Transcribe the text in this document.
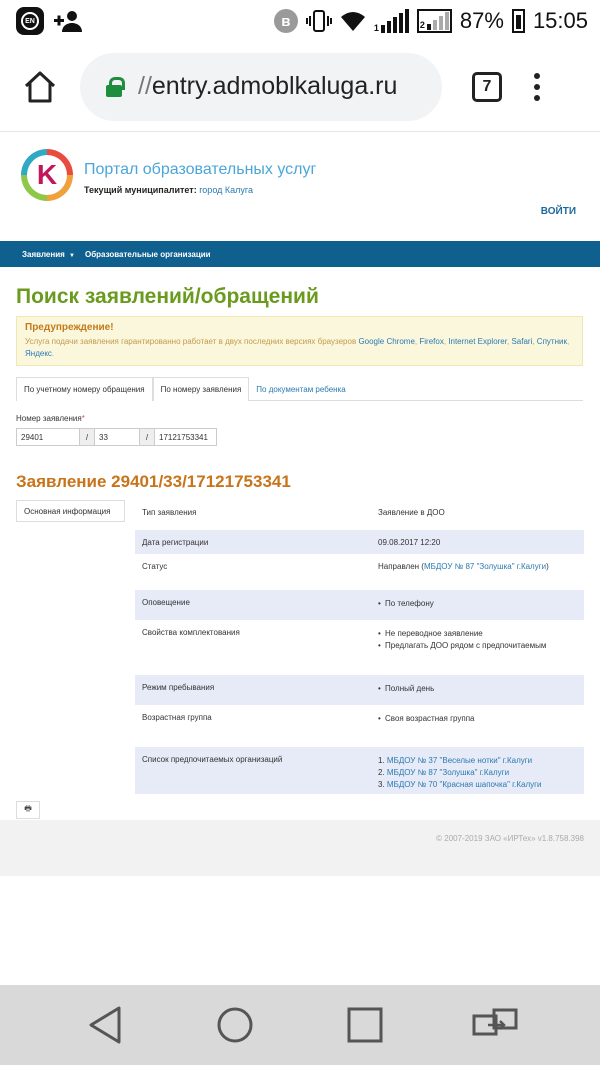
EN	ʙ	1	2 87% 15:05
//entry.admoblkaluga.ru	7
K	Портал образовательных услуг
Текущий муниципалитет: город Калуга
ВОЙТИ
Заявления ▼ Образовательные организации
Поиск заявлений/обращений
Предупреждение!
Услуга подачи заявления гарантированно работает в двух последних версиях браузеров Google Chrome, Firefox, Internet Explorer, Safari, Спутник, Яндекс.
По учетному номеру обращения	По номеру заявления	По документам ребенка
Номер заявления*
29401	/	33	/	17121753341
Заявление 29401/33/17121753341
Основная информация	Тип заявления	Заявление в ДОО
Дата регистрации	09.08.2017 12:20
Статус	Направлен (МБДОУ № 87 "Золушка" г.Калуги)
Оповещение	• По телефону
Свойства комплектования	• Не переводное заявление
• Предлагать ДОО рядом с предпочитаемым
Режим пребывания	• Полный день
Возрастная группа	• Своя возрастная группа
Список предпочитаемых организаций	1. МБДОУ № 37 "Веселые нотки" г.Калуги
2. МБДОУ № 87 "Золушка" г.Калуги
3. МБДОУ № 70 "Красная шапочка" г.Калуги
🖶
© 2007-2019 ЗАО «ИРТех» v1.8.758.398
